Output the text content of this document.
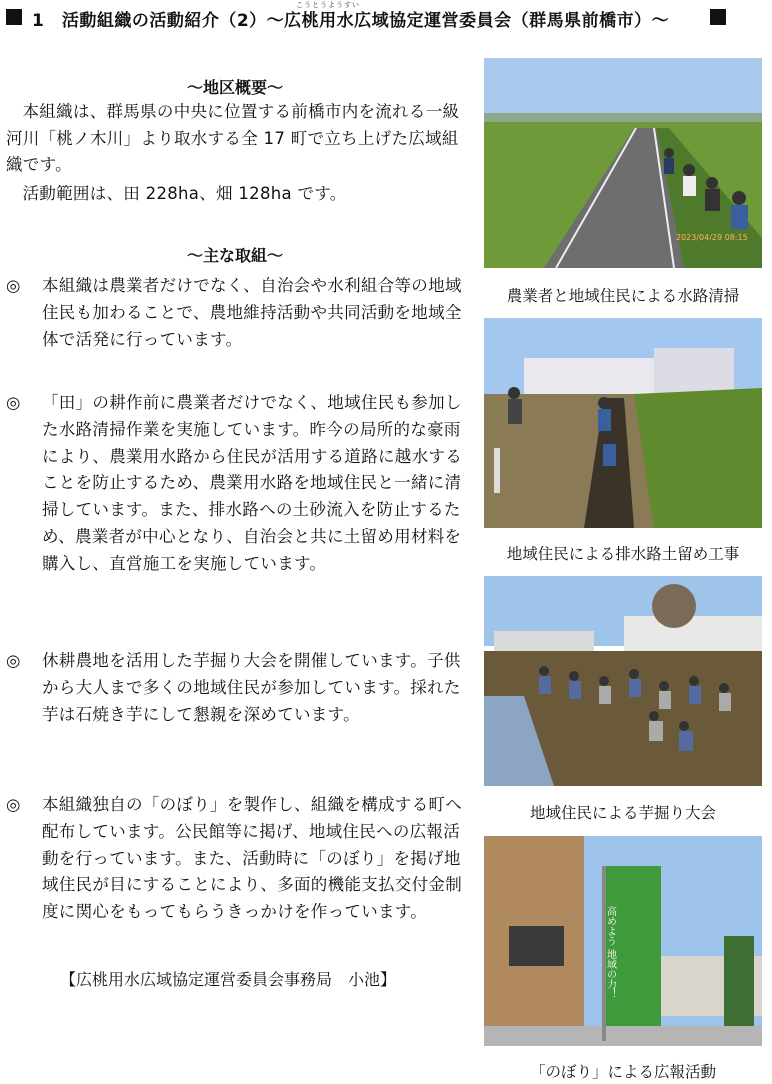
1　 活動組織の活動紹介（2）～広桃用水広域協定運営委員会（群馬県前橋市）～
こうとうようすい
～地区概要～
本組織は、群馬県の中央に位置する前橋市内を流れる一級河川「桃ノ木川」より取水する全 17 町で立ち上げた広域組織です。
活動範囲は、田 228ha、畑 128ha です。
～主な取組～
◎	本組織は農業者だけでなく、自治会や水利組合等の地域住民も加わることで、農地維持活動や共同活動を地域全体で活発に行っています。
◎	「田」の耕作前に農業者だけでなく、地域住民も参加した水路清掃作業を実施しています。昨今の局所的な豪雨により、農業用水路から住民が活用する道路に越水することを防止するため、農業用水路を地域住民と一緒に清掃しています。また、排水路への土砂流入を防止するため、農業者が中心となり、自治会と共に土留め用材料を購入し、直営施工を実施しています。
◎	休耕農地を活用した芋掘り大会を開催しています。子供から大人まで多くの地域住民が参加しています。採れた芋は石焼き芋にして懇親を深めています。
◎	本組織独自の「のぼり」を製作し、組織を構成する町へ配布しています。公民館等に掲げ、地域住民への広報活動を行っています。また、活動時に「のぼり」を掲げ地域住民が目にすることにより、多面的機能支払交付金制度に関心をもってもらうきっかけを作っています。
【広桃用水広域協定運営委員会事務局　小池】
2023/04/29 08:15
農業者と地域住民による水路清掃
地域住民による排水路土留め工事
地域住民による芋掘り大会
高めよう 地域の力！
「のぼり」による広報活動
